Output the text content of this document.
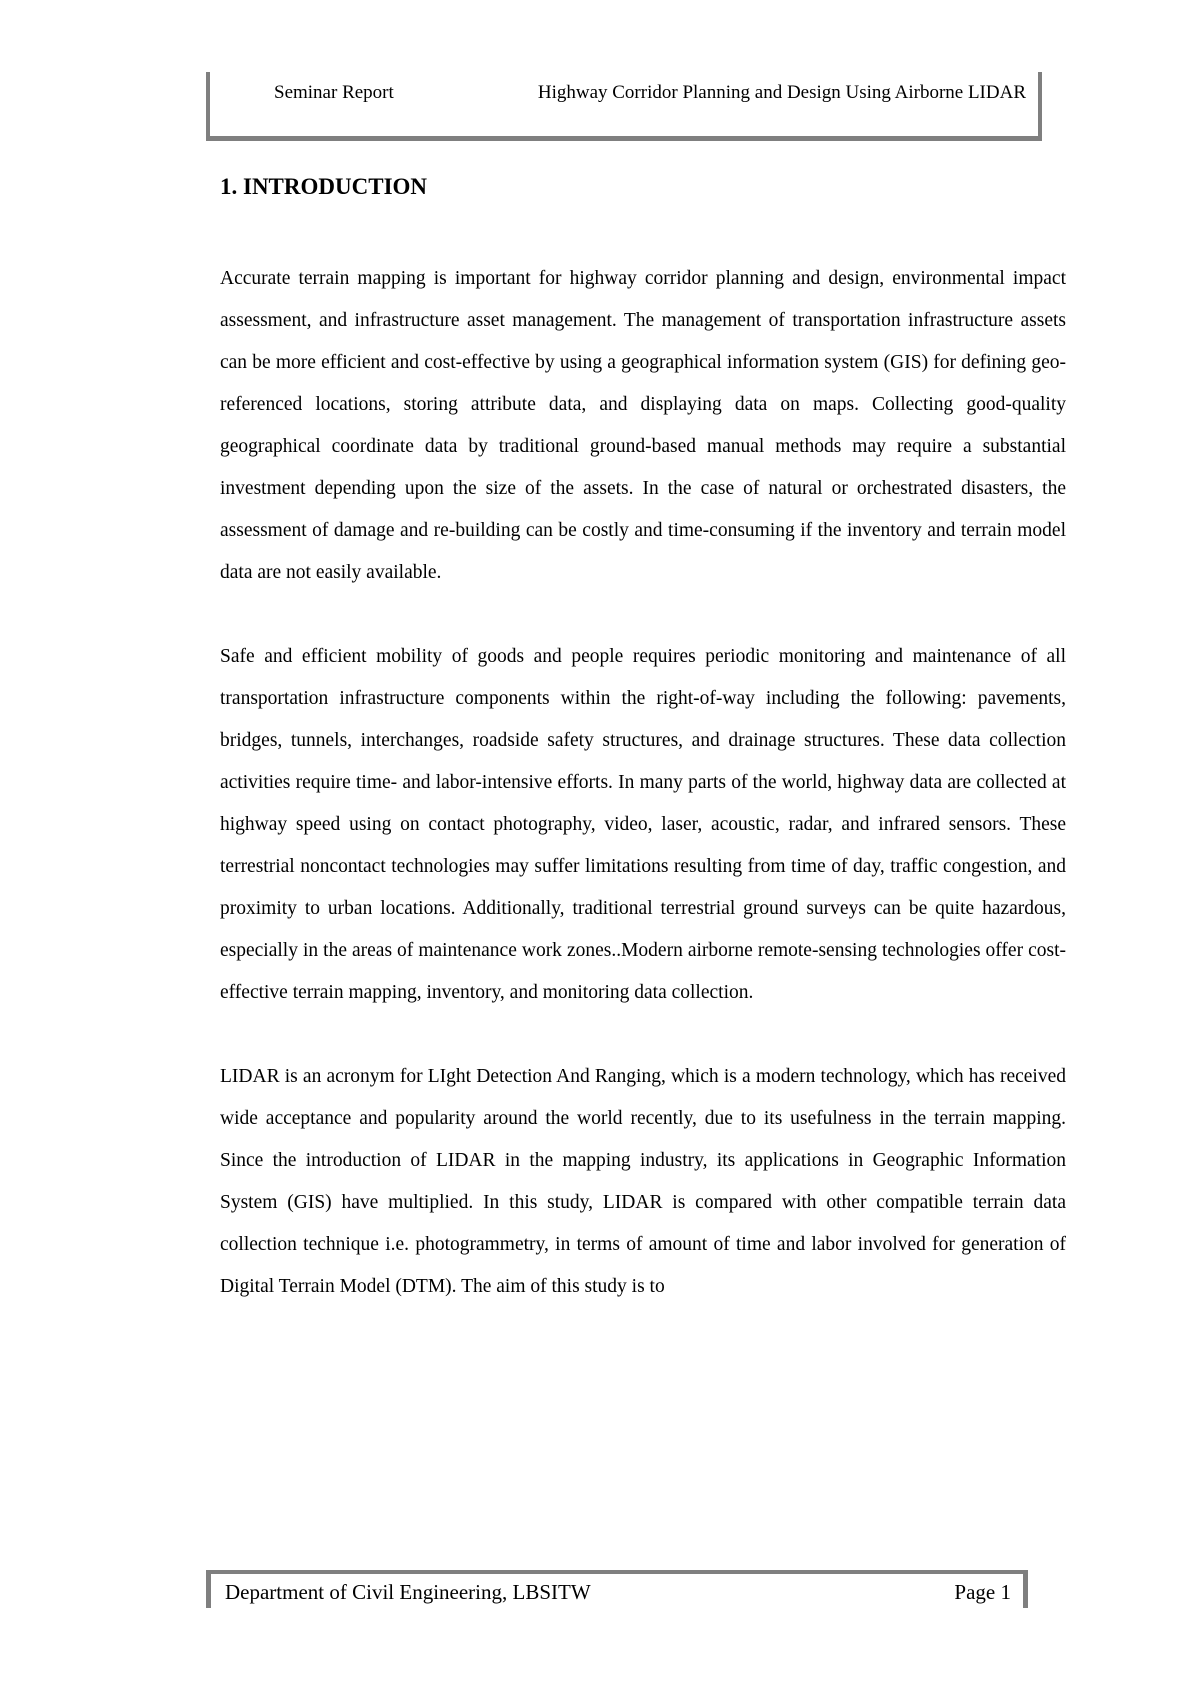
Seminar Report	Highway Corridor Planning and Design Using Airborne LIDAR
1. INTRODUCTION

Accurate terrain mapping is important for highway corridor planning and design, environmental impact assessment, and infrastructure asset management. The management of transportation infrastructure assets can be more efficient and cost-effective by using a geographical information system (GIS) for defining geo-referenced locations, storing attribute data, and displaying data on maps. Collecting good-quality geographical coordinate data by traditional ground-based manual methods may require a substantial investment depending upon the size of the assets. In the case of natural or orchestrated disasters, the assessment of damage and re-building can be costly and time-consuming if the inventory and terrain model data are not easily available.

Safe and efficient mobility of goods and people requires periodic monitoring and maintenance of all transportation infrastructure components within the right-of-way including the following: pavements, bridges, tunnels, interchanges, roadside safety structures, and drainage structures. These data collection activities require time- and labor-intensive efforts. In many parts of the world, highway data are collected at highway speed using on contact photography, video, laser, acoustic, radar, and infrared sensors. These terrestrial noncontact technologies may suffer limitations resulting from time of day, traffic congestion, and proximity to urban locations. Additionally, traditional terrestrial ground surveys can be quite hazardous, especially in the areas of maintenance work zones..Modern airborne remote-sensing technologies offer cost-effective terrain mapping, inventory, and monitoring data collection.

LIDAR is an acronym for LIght Detection And Ranging, which is a modern technology, which has received wide acceptance and popularity around the world recently, due to its usefulness in the terrain mapping. Since the introduction of LIDAR in the mapping industry, its applications in Geographic Information System (GIS) have multiplied. In this study, LIDAR is compared with other compatible terrain data collection technique i.e. photogrammetry, in terms of amount of time and labor involved for generation of Digital Terrain Model (DTM). The aim of this study is to

Department of Civil Engineering, LBSITW	Page 1
